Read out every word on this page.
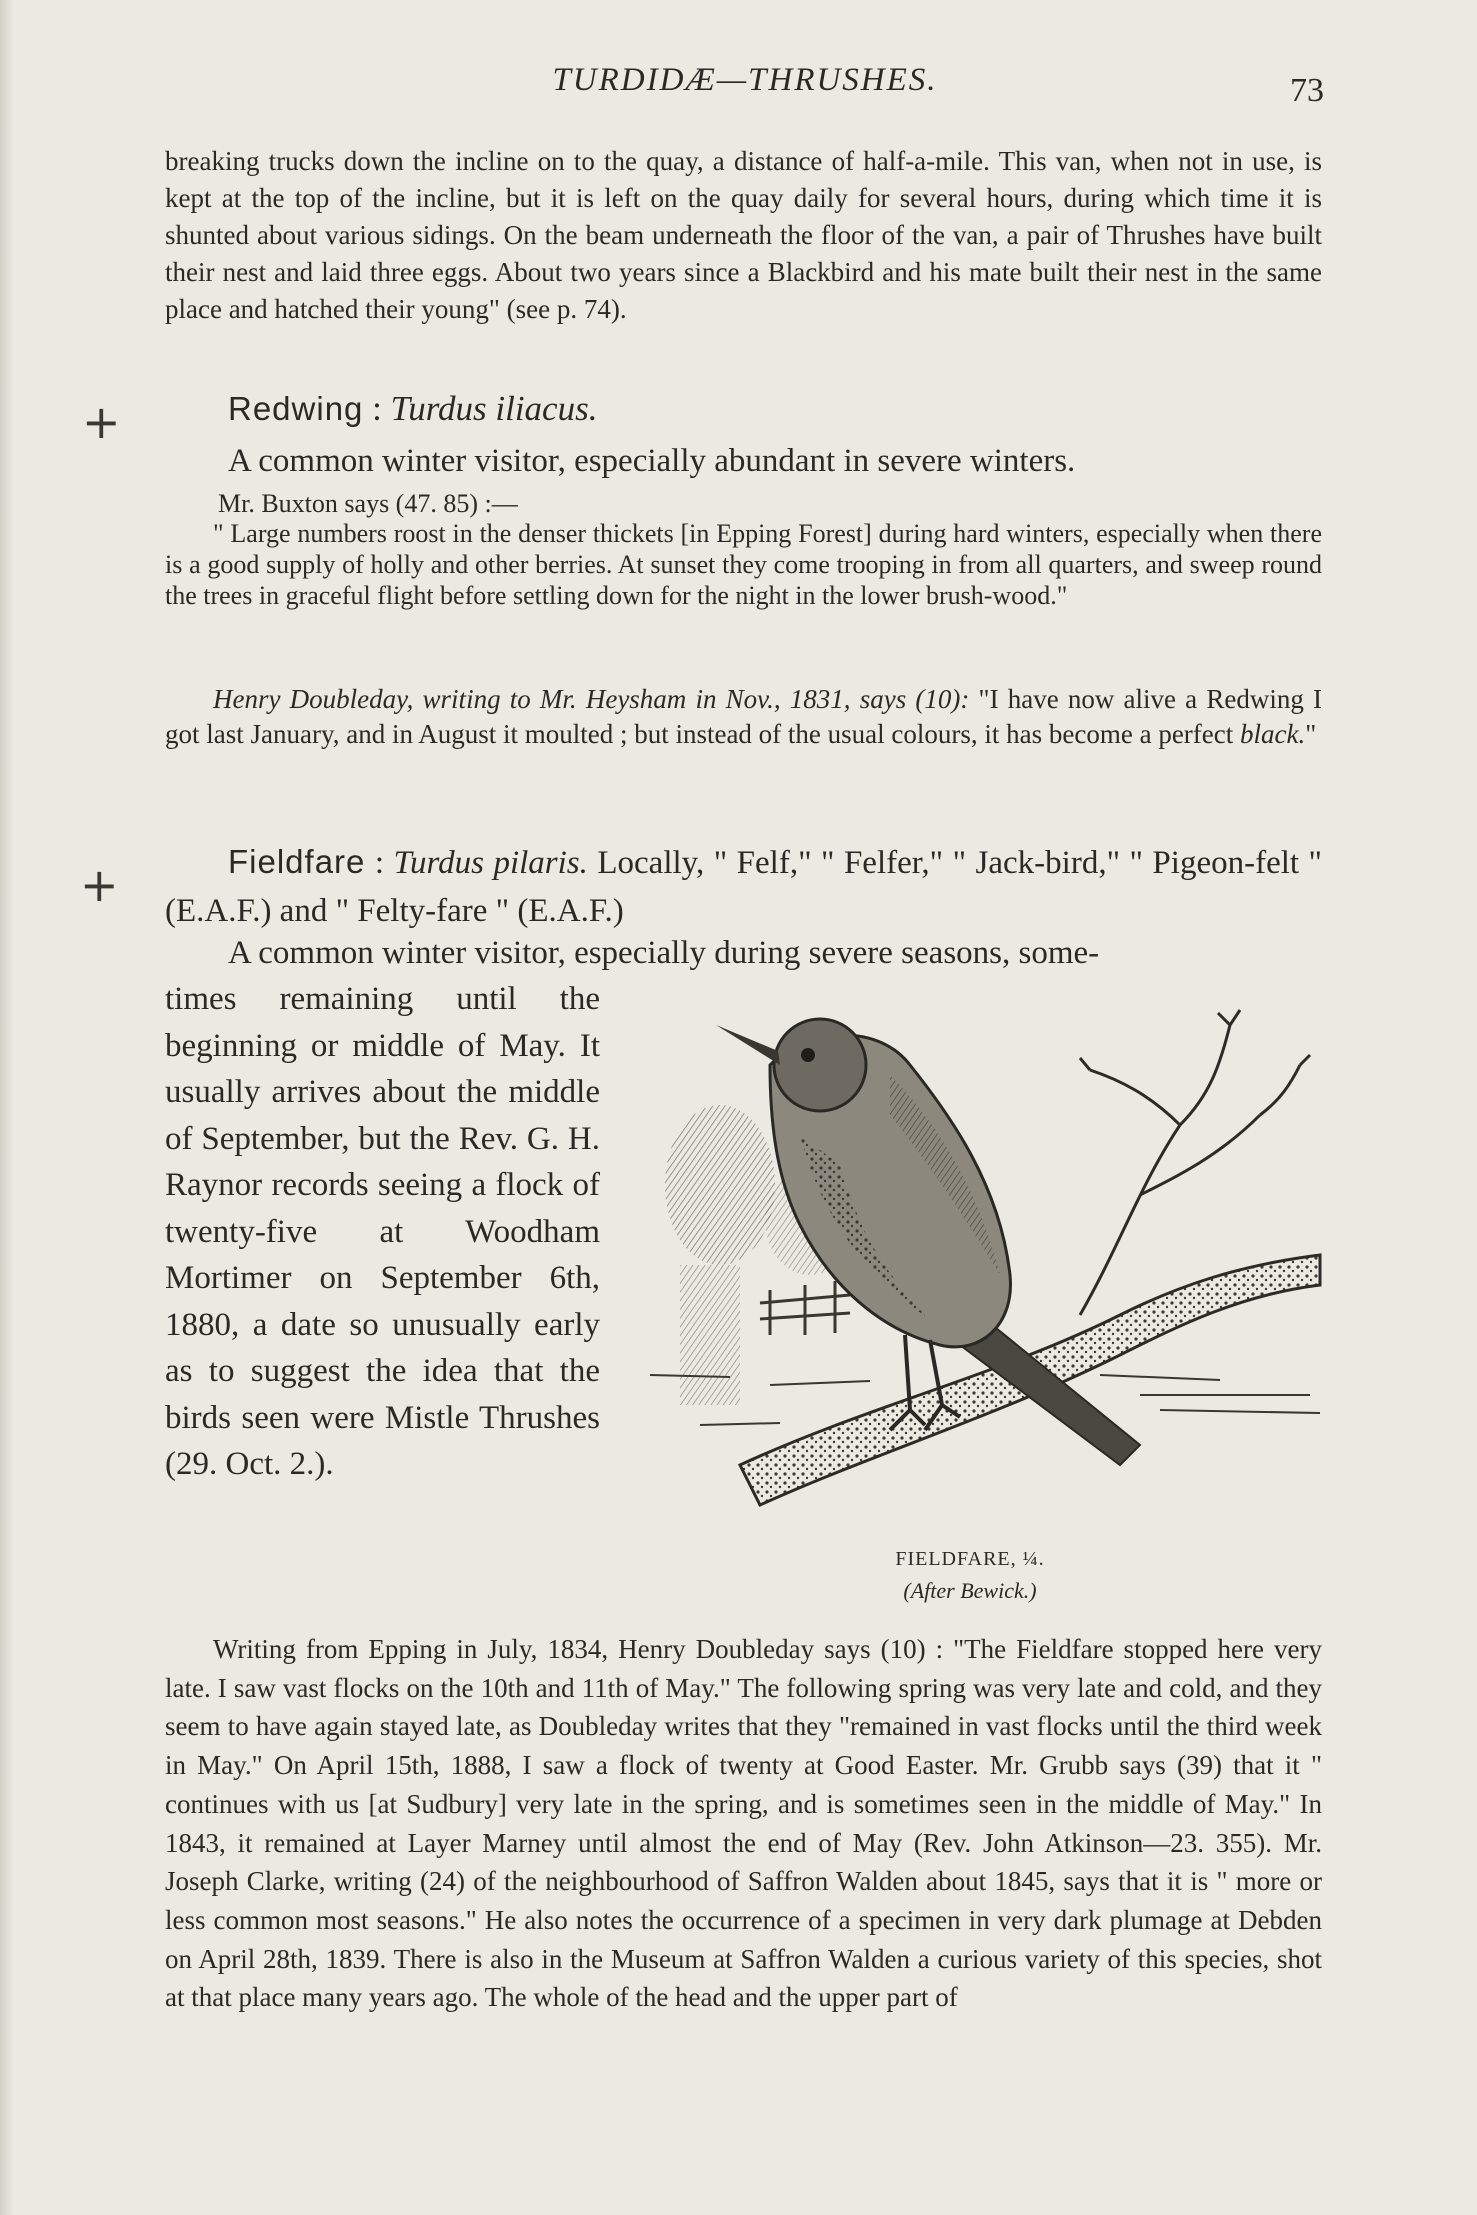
TURDIDÆ—THRUSHES.	73
breaking trucks down the incline on to the quay, a distance of half-a-mile. This van, when not in use, is kept at the top of the incline, but it is left on the quay daily for several hours, during which time it is shunted about various sidings. On the beam underneath the floor of the van, a pair of Thrushes have built their nest and laid three eggs. About two years since a Blackbird and his mate built their nest in the same place and hatched their young" (see p. 74).
+	Redwing : Turdus iliacus.
A common winter visitor, especially abundant in severe winters.
Mr. Buxton says (47. 85) :—
" Large numbers roost in the denser thickets [in Epping Forest] during hard winters, especially when there is a good supply of holly and other berries. At sunset they come trooping in from all quarters, and sweep round the trees in graceful flight before settling down for the night in the lower brush-wood."
Henry Doubleday, writing to Mr. Heysham in Nov., 1831, says (10): "I have now alive a Redwing I got last January, and in August it moulted ; but instead of the usual colours, it has become a perfect black."
+	Fieldfare : Turdus pilaris. Locally, " Felf," " Felfer," " Jack-bird," " Pigeon-felt " (E.A.F.) and " Felty-fare " (E.A.F.)
A common winter visitor, especially during severe seasons, some-

times remaining until the beginning or middle of May. It usually arrives about the middle of September, but the Rev. G. H. Raynor records seeing a flock of twenty-five at Woodham Mortimer on September 6th, 1880, a date so unusually early as to suggest the idea that the birds seen were Mistle Thrushes (29. Oct. 2.).

FIELDFARE, ¼.
(After Bewick.)

Writing from Epping in July, 1834, Henry Doubleday says (10) : "The Fieldfare stopped here very late. I saw vast flocks on the 10th and 11th of May." The following spring was very late and cold, and they seem to have again stayed late, as Doubleday writes that they "remained in vast flocks until the third week in May." On April 15th, 1888, I saw a flock of twenty at Good Easter. Mr. Grubb says (39) that it " continues with us [at Sudbury] very late in the spring, and is sometimes seen in the middle of May." In 1843, it remained at Layer Marney until almost the end of May (Rev. John Atkinson—23. 355). Mr. Joseph Clarke, writing (24) of the neighbourhood of Saffron Walden about 1845, says that it is " more or less common most seasons." He also notes the occurrence of a specimen in very dark plumage at Debden on April 28th, 1839. There is also in the Museum at Saffron Walden a curious variety of this species, shot at that place many years ago. The whole of the head and the upper part of
